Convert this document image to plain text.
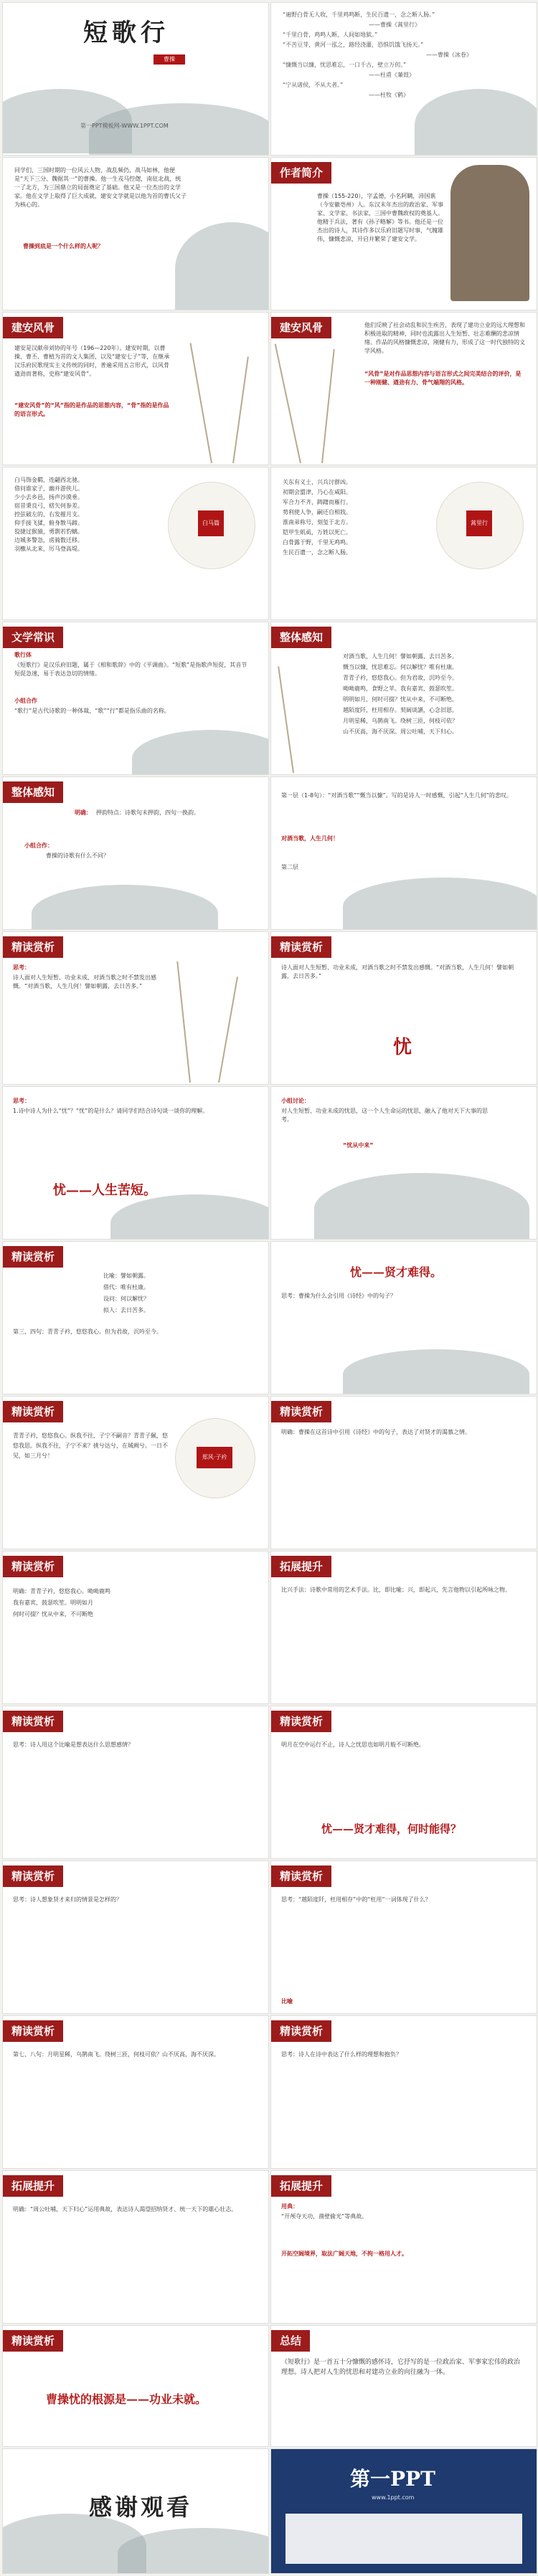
短歌行
曹操
第一PPT模板网-WWW.1PPT.COM
“遍野白骨无人收，千里鸡鸣断，生民百遗一，念之断人肠。”
——曹操《蒿里行》
“千里白骨，鸡鸣人断，人间如地狱。”
“不苦豆芽，黄河一泓之，路经浇灌，恐惧饥饿飞扬天。”
——曹操《冰卷》
“慷慨当以慷，忧思难忘，一口千古，壁立万仞。”
——杜甫《蒹葭》
“宁从诸侯，不从大者。”
——杜牧《鹤》
同学们，三国时期的一位风云人物，战乱频仍，战马如林，他便是“天下三分、魏据其一”的曹操。他一生戎马倥偬，南征北战，统一了北方，为三国鼎立的局面奠定了基础。他又是一位杰出的文学家。他在文学上取得了巨大成就，建安文学就是以他为首的曹氏父子为核心的。
曹操到底是一个什么样的人呢？
作者简介
曹操（155-220），字孟德，小名阿瞒，沛国谯（今安徽亳州）人。东汉末年杰出的政治家、军事家、文学家、书法家，三国中曹魏政权的奠基人。他精于兵法，著有《孙子略解》等书。他还是一位杰出的诗人，其诗作多以乐府旧题写时事，气魄雄伟，慷慨悲凉，开启并繁荣了建安文学。
建安风骨
建安是汉献帝刘协的年号（196—220年）。建安时期，以曹操、曹丕、曹植为首的文人集团，以及“建安七子”等，在继承汉乐府民歌现实主义传统的同时，普遍采用五言形式，以风骨遒劲而著称，史称“建安风骨”。
“建安风骨”的“风”指的是作品的思想内容，“骨”指的是作品的语言形式。
建安风骨	他们反映了社会动乱和民生疾苦，表现了建功立业的远大理想和积极进取的精神，同时也流露出人生短暂、壮志难酬的悲凉情绪。作品的风格慷慨悲凉，刚健有力，形成了这一时代独特的文学风格。
“风骨”是对作品思想内容与语言形式之间完美结合的评价，是一种刚健、遒劲有力、骨气端翔的风格。
白马篇
白马饰金羁，连翩西北驰。
借问谁家子，幽并游侠儿。
少小去乡邑，扬声沙漠垂。
宿昔秉良弓，楛矢何参差。
控弦破左的，右发摧月支。
仰手接飞猱，俯身散马蹄。
狡捷过猴猿，勇剽若豹螭。
边城多警急，虏骑数迁移。
羽檄从北来，厉马登高堤。
蒿里行
关东有义士，兴兵讨群凶。
初期会盟津，乃心在咸阳。
军合力不齐，踌躇而雁行。
势利使人争，嗣还自相戕。
淮南弟称号，刻玺于北方。
铠甲生虮虱，万姓以死亡。
白骨露于野，千里无鸡鸣。
生民百遗一，念之断人肠。
文学常识
歌行体
《短歌行》是汉乐府旧题，属于《相和歌辞》中的《平调曲》。“短歌”是指歌声短促，其音节短促急速，易于表达急切的情绪。
小组合作
“歌行”是古代诗歌的一种体裁，“歌”“行”都是指乐曲的名称。
整体感知
对酒当歌，人生几何！譬如朝露，去日苦多。
慨当以慷，忧思难忘。何以解忧？唯有杜康。
青青子衿，悠悠我心。但为君故，沉吟至今。
呦呦鹿鸣，食野之苹。我有嘉宾，鼓瑟吹笙。
明明如月，何时可掇？忧从中来，不可断绝。
越陌度阡，枉用相存。契阔谈讌，心念旧恩。
月明星稀，乌鹊南飞。绕树三匝，何枝可依？
山不厌高，海不厌深。周公吐哺，天下归心。
整体感知
明确： 押韵特点：诗歌句末押韵，四句一换韵。
小组合作：
曹操的诗歌有什么不同？
第一层（1-8句）：“对酒当歌”“慨当以慷”。写的是诗人一时感慨，引起“人生几何”的悲叹。
对酒当歌，人生几何！
第二层
精读赏析
思考：
诗人面对人生短暂、功业未成，对酒当歌之时不禁发出感慨。“对酒当歌，人生几何！譬如朝露，去日苦多。”
精读赏析
诗人面对人生短暂、功业未成，对酒当歌之时不禁发出感慨。“对酒当歌，人生几何！譬如朝露，去日苦多。”
忧
思考：
1.诗中诗人为什么“忧”？“忧”的是什么？请同学们结合诗句谈一谈你的理解。
忧——人生苦短。
小组讨论：
对人生短暂、功业未成的忧思，这一个人生命运的忧思，融入了他对天下大事的思考。
“忧从中来”
精读赏析
比喻：譬如朝露。
借代：唯有杜康。
设问：何以解忧？
拟人：去日苦多。
第三、四句：青青子衿，悠悠我心。但为君故，沉吟至今。
忧——贤才难得。
思考：曹操为什么会引用《诗经》中的句子？
精读赏析
郑风·子衿
青青子衿，悠悠我心。纵我不往，子宁不嗣音？青青子佩，悠悠我思。纵我不往，子宁不来？挑兮达兮，在城阙兮。一日不见，如三月兮！
精读赏析
明确：曹操在这首诗中引用《诗经》中的句子，表达了对贤才的渴慕之情。
精读赏析
明确：青青子衿，悠悠我心。呦呦鹿鸣
我有嘉宾，鼓瑟吹笙。明明如月
何时可掇？忧从中来，不可断绝
拓展提升
比兴手法：诗歌中常用的艺术手法。比，即比喻；兴，即起兴，先言他物以引起所咏之物。
精读赏析
思考：诗人用这个比喻是想表达什么思想感情？
精读赏析
明月在空中运行不止，诗人之忧思也如明月般不可断绝。
忧——贤才难得，何时能得？
精读赏析
思考：诗人想象贤才来归的情景是怎样的？
精读赏析
思考：“越陌度阡，枉用相存”中的“枉用”一词体现了什么？
比喻
精读赏析
第七、八句：月明星稀，乌鹊南飞。绕树三匝，何枝可依？山不厌高，海不厌深。
精读赏析
思考：诗人在诗中表达了什么样的理想和抱负？
拓展提升
明确：“周公吐哺，天下归心”运用典故，表达诗人渴望招纳贤才、统一天下的雄心壮志。
拓展提升
用典：
“开颅夺天功，凿壁偷光”等典故。
开拓空阔境界，取法广阔天地，不拘一格用人才。
精读赏析
曹操忧的根源是——功业未就。
总结
《短歌行》是一首五十分慷慨的感怀诗，它抒写的是一位政治家、军事家宏伟的政治理想。诗人把对人生的忧思和对建功立业的向往融为一体。
感谢观看
第一PPT
www.1ppt.com
